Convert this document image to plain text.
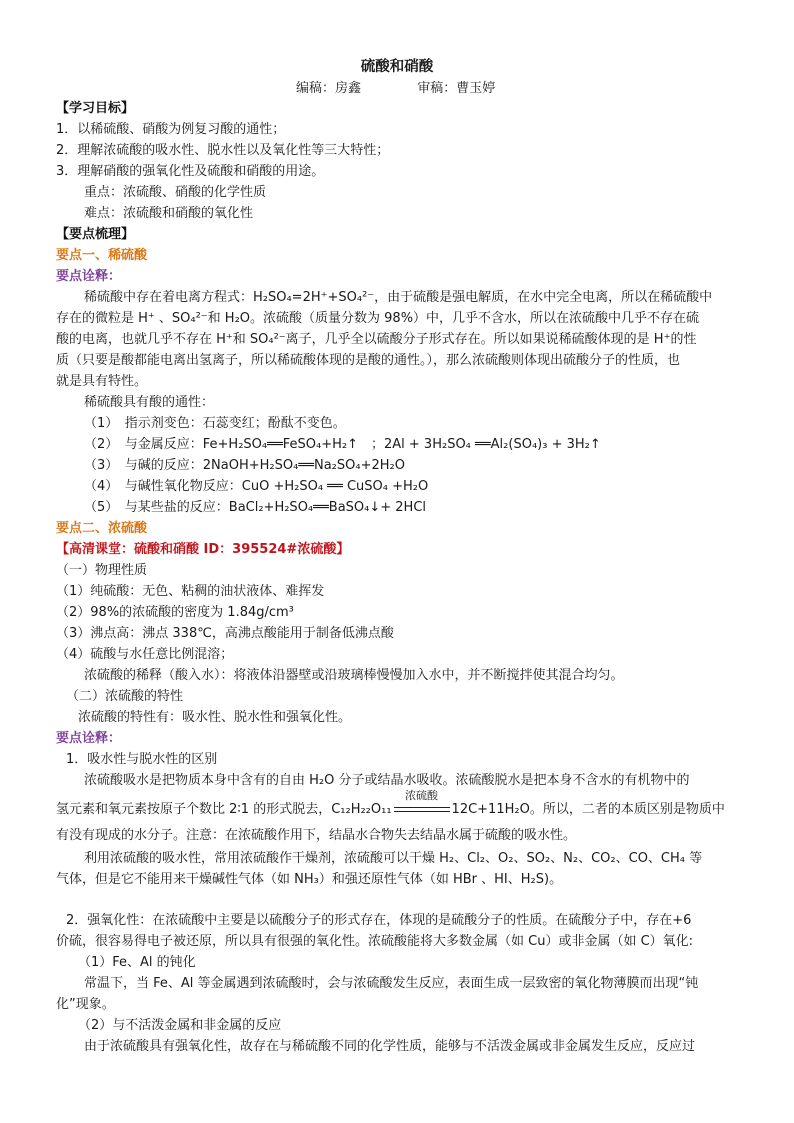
硫酸和硝酸
编稿：房鑫	审稿：曹玉婷
【学习目标】
1．以稀硫酸、硝酸为例复习酸的通性；
2．理解浓硫酸的吸水性、脱水性以及氧化性等三大特性；
3．理解硝酸的强氧化性及硫酸和硝酸的用途。
重点：浓硫酸、硝酸的化学性质
难点：浓硫酸和硝酸的氧化性
【要点梳理】
要点一、稀硫酸
要点诠释：
稀硫酸中存在着电离方程式：H₂SO₄=2H⁺+SO₄²⁻，由于硫酸是强电解质，在水中完全电离，所以在稀硫酸中
存在的微粒是 H⁺ 、SO₄²⁻和 H₂O。浓硫酸（质量分数为 98%）中，几乎不含水，所以在浓硫酸中几乎不存在硫
酸的电离，也就几乎不存在 H⁺和 SO₄²⁻离子，几乎全以硫酸分子形式存在。所以如果说稀硫酸体现的是 H⁺的性
质（只要是酸都能电离出氢离子，所以稀硫酸体现的是酸的通性。），那么浓硫酸则体现出硫酸分子的性质，也
就是具有特性。
稀硫酸具有酸的通性：
（1）　指示剂变色：石蕊变红；酚酞不变色。
（2）　与金属反应：Fe+H₂SO₄══FeSO₄+H₂↑　；2Al + 3H₂SO₄ ══Al₂(SO₄)₃ + 3H₂↑
（3）　与碱的反应：2NaOH+H₂SO₄══Na₂SO₄+2H₂O
（4）　与碱性氧化物反应：CuO +H₂SO₄ ══ CuSO₄ +H₂O
（5）　与某些盐的反应：BaCl₂+H₂SO₄══BaSO₄↓+ 2HCl
要点二、浓硫酸
【高清课堂：硫酸和硝酸 ID：395524#浓硫酸】
（一）物理性质
（1）纯硫酸：无色、粘稠的油状液体、难挥发
（2）98%的浓硫酸的密度为 1.84g/cm³
（3）沸点高：沸点 338℃，高沸点酸能用于制备低沸点酸
（4）硫酸与水任意比例混溶；
浓硫酸的稀释（酸入水）：将液体沿器壁或沿玻璃棒慢慢加入水中，并不断搅拌使其混合均匀。
（二）浓硫酸的特性
浓硫酸的特性有：吸水性、脱水性和强氧化性。
要点诠释：
1．吸水性与脱水性的区别
浓硫酸吸水是把物质本身中含有的自由 H₂O 分子或结晶水吸收。浓硫酸脱水是把本身不含水的有机物中的
氢元素和氧元素按原子个数比 2∶1 的形式脱去，C₁₂H₂₂O₁₁
浓硫酸
12C+11H₂O。所以，二者的本质区别是物质中
有没有现成的水分子。注意：在浓硫酸作用下，结晶水合物失去结晶水属于硫酸的吸水性。
利用浓硫酸的吸水性，常用浓硫酸作干燥剂，浓硫酸可以干燥 H₂、Cl₂、O₂、SO₂、N₂、CO₂、CO、CH₄ 等
气体，但是它不能用来干燥碱性气体（如 NH₃）和强还原性气体（如 HBr 、HI、H₂S)。
2．强氧化性：在浓硫酸中主要是以硫酸分子的形式存在，体现的是硫酸分子的性质。在硫酸分子中，存在+6
价硫，很容易得电子被还原，所以具有很强的氧化性。浓硫酸能将大多数金属（如 Cu）或非金属（如 C）氧化:
（1）Fe、Al 的钝化
常温下，当 Fe、Al 等金属遇到浓硫酸时，会与浓硫酸发生反应，表面生成一层致密的氧化物薄膜而出现“钝
化”现象。
（2）与不活泼金属和非金属的反应
由于浓硫酸具有强氧化性，故存在与稀硫酸不同的化学性质，能够与不活泼金属或非金属发生反应，反应过
